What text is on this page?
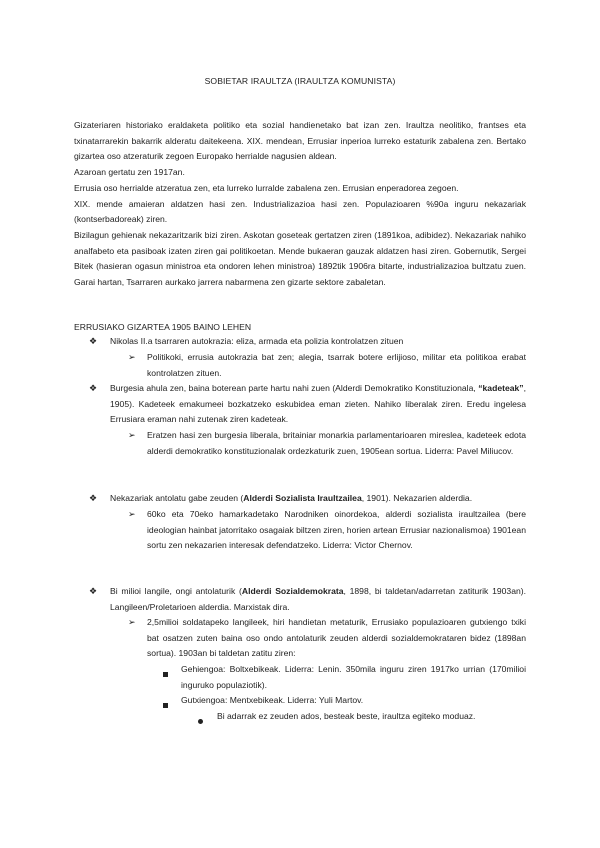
SOBIETAR IRAULTZA (IRAULTZA KOMUNISTA)

Gizateriaren historiako eraldaketa politiko eta sozial handienetako bat izan zen. Iraultza neolitiko, frantses eta txinatarrarekin bakarrik alderatu daitekeena. XIX. mendean, Errusiar inperioa lurreko estaturik zabalena zen. Bertako gizartea oso atzeraturik zegoen Europako herrialde nagusien aldean.

Azaroan gertatu zen 1917an.

Errusia oso herrialde atzeratua zen, eta lurreko lurralde zabalena zen. Errusian enperadorea zegoen.

XIX. mende amaieran aldatzen hasi zen. Industrializazioa hasi zen. Populazioaren %90a inguru nekazariak (kontserbadoreak) ziren.

Bizilagun gehienak nekazaritzarik bizi ziren. Askotan goseteak gertatzen ziren (1891koa, adibidez). Nekazariak nahiko analfabeto eta pasiboak izaten ziren gai politikoetan. Mende bukaeran gauzak aldatzen hasi ziren. Gobernutik, Sergei Bitek (hasieran ogasun ministroa eta ondoren lehen ministroa) 1892tik 1906ra bitarte, industrializazioa bultzatu zuen. Garai hartan, Tsarraren aurkako jarrera nabarmena zen gizarte sektore zabaletan.

ERRUSIAKO GIZARTEA 1905 BAINO LEHEN
❖ Nikolas II.a tsarraren autokrazia: eliza, armada eta polizia kontrolatzen zituen
➢ Politikoki, errusia autokrazia bat zen; alegia, tsarrak botere erlijioso, militar eta politikoa erabat kontrolatzen zituen.
❖ Burgesia ahula zen, baina boterean parte hartu nahi zuen (Alderdi Demokratiko Konstituzionala, “kadeteak”, 1905). Kadeteek emakumeei bozkatzeko eskubidea eman zieten. Nahiko liberalak ziren. Eredu ingelesa Errusiara eraman nahi zutenak ziren kadeteak.
➢ Eratzen hasi zen burgesia liberala, britainiar monarkia parlamentarioaren mireslea, kadeteek edota alderdi demokratiko konstituzionalak ordezkaturik zuen, 1905ean sortua. Liderra: Pavel Miliucov.
❖ Nekazariak antolatu gabe zeuden (Alderdi Sozialista Iraultzailea, 1901). Nekazarien alderdia.
➢ 60ko eta 70eko hamarkadetako Narodniken oinordekoa, alderdi sozialista iraultzailea (bere ideologian hainbat jatorritako osagaiak biltzen ziren, horien artean Errusiar nazionalismoa) 1901ean sortu zen nekazarien interesak defendatzeko. Liderra: Victor Chernov.
❖ Bi milioi langile, ongi antolaturik (Alderdi Sozialdemokrata, 1898, bi taldetan/adarretan zatiturik 1903an). Langileen/Proletarioen alderdia. Marxistak dira.
➢ 2,5milioi soldatapeko langileek, hiri handietan metaturik, Errusiako populazioaren gutxiengo txiki bat osatzen zuten baina oso ondo antolaturik zeuden alderdi sozialdemokrataren bidez (1898an sortua). 1903an bi taldetan zatitu ziren:
Gehiengoa: Boltxebikeak. Liderra: Lenin. 350mila inguru ziren 1917ko urrian (170milioi inguruko populaziotik).
Gutxiengoa: Mentxebikeak. Liderra: Yuli Martov.
Bi adarrak ez zeuden ados, besteak beste, iraultza egiteko moduaz.
